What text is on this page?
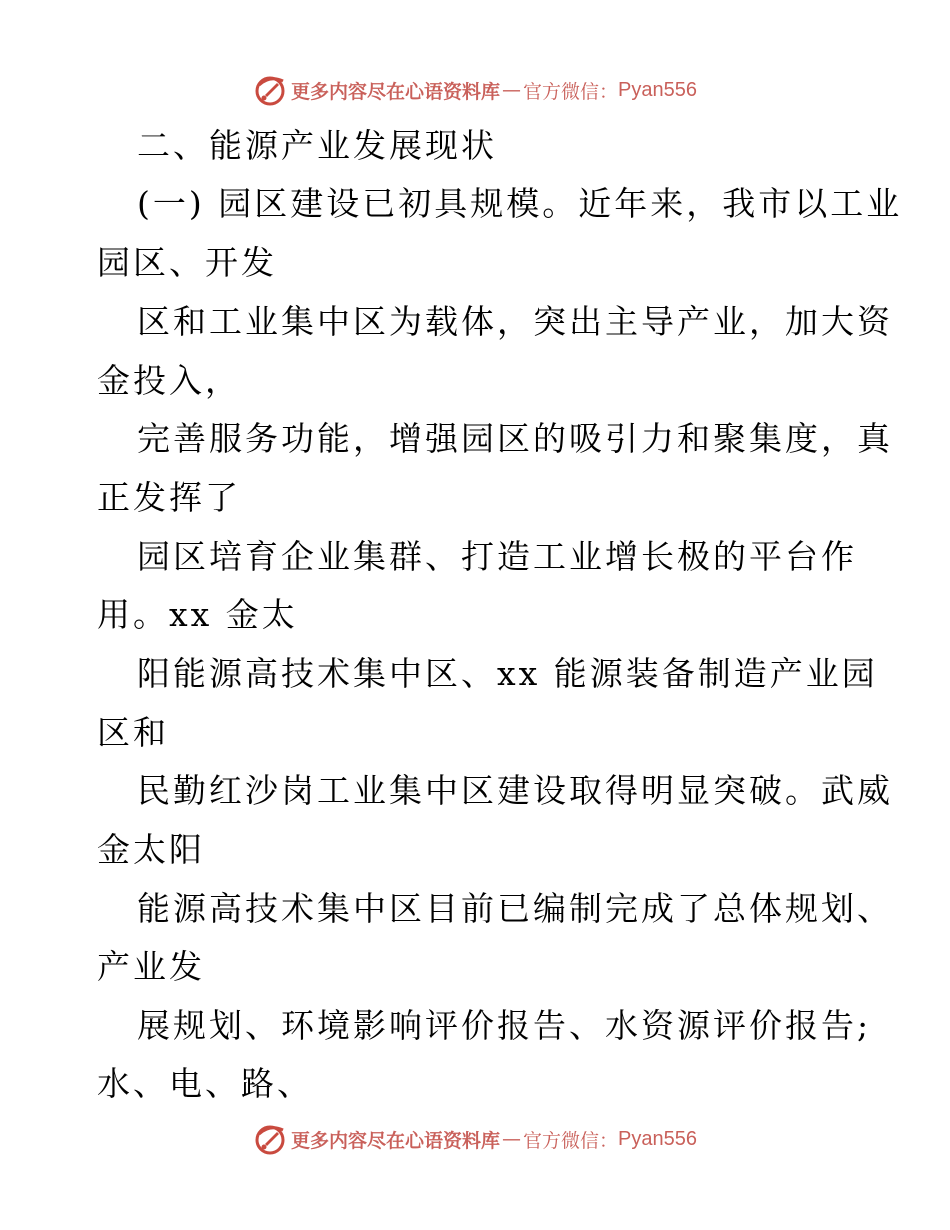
更多内容尽在心语资料库 — 官方微信： Pyan556
二、能源产业发展现状
(一) 园区建设已初具规模。近年来，我市以工业
园区、开发
区和工业集中区为载体，突出主导产业，加大资
金投入，
完善服务功能，增强园区的吸引力和聚集度，真
正发挥了
园区培育企业集群、打造工业增长极的平台作
用。xx 金太
阳能源高技术集中区、xx 能源装备制造产业园
区和
民勤红沙岗工业集中区建设取得明显突破。武威
金太阳
能源高技术集中区目前已编制完成了总体规划、
产业发
展规划、环境影响评价报告、水资源评价报告;
水、电、路、
更多内容尽在心语资料库 — 官方微信： Pyan556
